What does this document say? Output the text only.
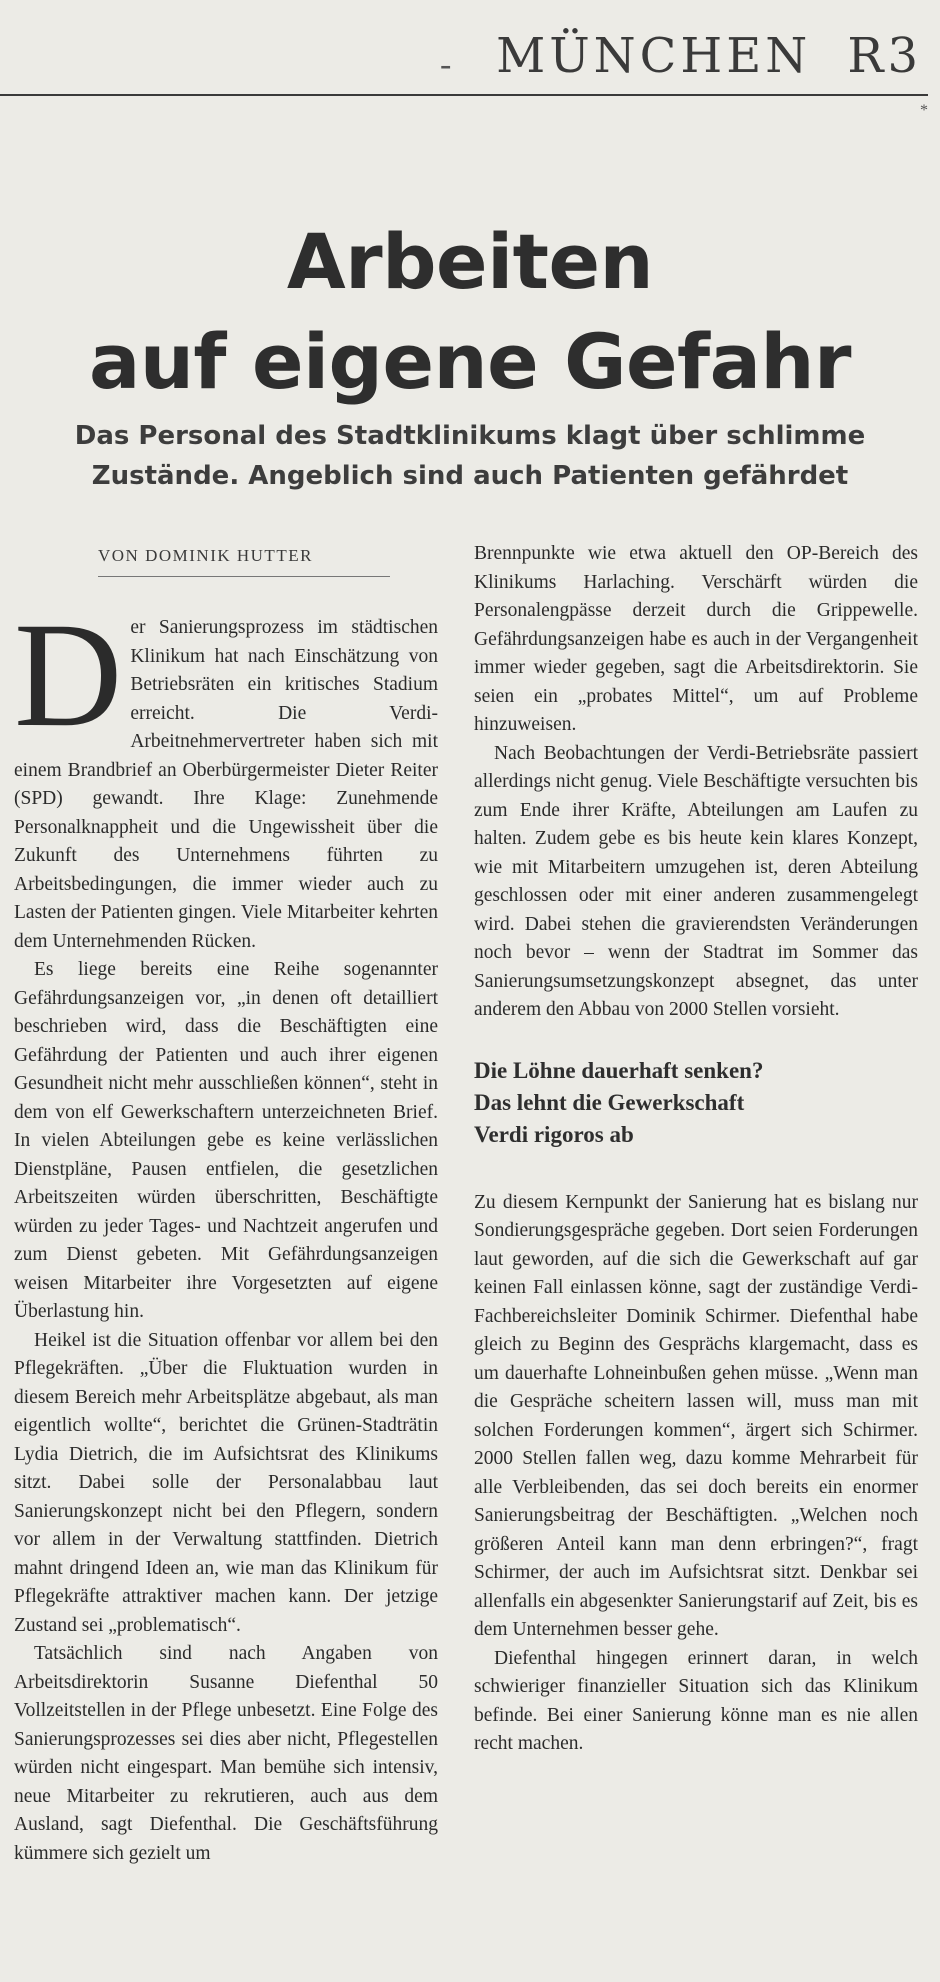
- MÜNCHEN R3
*
Arbeiten
auf eigene Gefahr
Das Personal des Stadtklinikums klagt über schlimme
Zustände. Angeblich sind auch Patienten gefährdet
VON DOMINIK HUTTER

Der Sanierungsprozess im städtischen Klinikum hat nach Einschätzung von Betriebsräten ein kritisches Stadium erreicht. Die Verdi-Arbeitnehmervertreter haben sich mit einem Brandbrief an Oberbürgermeister Dieter Reiter (SPD) gewandt. Ihre Klage: Zunehmende Personalknappheit und die Ungewissheit über die Zukunft des Unternehmens führten zu Arbeitsbedingungen, die immer wieder auch zu Lasten der Patienten gingen. Viele Mitarbeiter kehrten dem Unternehmenden Rücken.

Es liege bereits eine Reihe sogenannter Gefährdungsanzeigen vor, „in denen oft detailliert beschrieben wird, dass die Beschäftigten eine Gefährdung der Patienten und auch ihrer eigenen Gesundheit nicht mehr ausschließen können“, steht in dem von elf Gewerkschaftern unterzeichneten Brief. In vielen Abteilungen gebe es keine verlässlichen Dienstpläne, Pausen entfielen, die gesetzlichen Arbeitszeiten würden überschritten, Beschäftigte würden zu jeder Tages- und Nachtzeit angerufen und zum Dienst gebeten. Mit Gefährdungsanzeigen weisen Mitarbeiter ihre Vorgesetzten auf eigene Überlastung hin.

Heikel ist die Situation offenbar vor allem bei den Pflegekräften. „Über die Fluktuation wurden in diesem Bereich mehr Arbeitsplätze abgebaut, als man eigentlich wollte“, berichtet die Grünen-Stadträtin Lydia Dietrich, die im Aufsichtsrat des Klinikums sitzt. Dabei solle der Personalabbau laut Sanierungskonzept nicht bei den Pflegern, sondern vor allem in der Verwaltung stattfinden. Dietrich mahnt dringend Ideen an, wie man das Klinikum für Pflegekräfte attraktiver machen kann. Der jetzige Zustand sei „problematisch“.

Tatsächlich sind nach Angaben von Arbeitsdirektorin Susanne Diefenthal 50 Vollzeitstellen in der Pflege unbesetzt. Eine Folge des Sanierungsprozesses sei dies aber nicht, Pflegestellen würden nicht eingespart. Man bemühe sich intensiv, neue Mitarbeiter zu rekrutieren, auch aus dem Ausland, sagt Diefenthal. Die Geschäftsführung kümmere sich gezielt um

Brennpunkte wie etwa aktuell den OP-Bereich des Klinikums Harlaching. Verschärft würden die Personalengpässe derzeit durch die Grippewelle. Gefährdungsanzeigen habe es auch in der Vergangenheit immer wieder gegeben, sagt die Arbeitsdirektorin. Sie seien ein „probates Mittel“, um auf Probleme hinzuweisen.

Nach Beobachtungen der Verdi-Betriebsräte passiert allerdings nicht genug. Viele Beschäftigte versuchten bis zum Ende ihrer Kräfte, Abteilungen am Laufen zu halten. Zudem gebe es bis heute kein klares Konzept, wie mit Mitarbeitern umzugehen ist, deren Abteilung geschlossen oder mit einer anderen zusammengelegt wird. Dabei stehen die gravierendsten Veränderungen noch bevor – wenn der Stadtrat im Sommer das Sanierungsumsetzungskonzept absegnet, das unter anderem den Abbau von 2000 Stellen vorsieht.

Die Löhne dauerhaft senken?
Das lehnt die Gewerkschaft
Verdi rigoros ab

Zu diesem Kernpunkt der Sanierung hat es bislang nur Sondierungsgespräche gegeben. Dort seien Forderungen laut geworden, auf die sich die Gewerkschaft auf gar keinen Fall einlassen könne, sagt der zuständige Verdi-Fachbereichsleiter Dominik Schirmer. Diefenthal habe gleich zu Beginn des Gesprächs klargemacht, dass es um dauerhafte Lohneinbußen gehen müsse. „Wenn man die Gespräche scheitern lassen will, muss man mit solchen Forderungen kommen“, ärgert sich Schirmer. 2000 Stellen fallen weg, dazu komme Mehrarbeit für alle Verbleibenden, das sei doch bereits ein enormer Sanierungsbeitrag der Beschäftigten. „Welchen noch größeren Anteil kann man denn erbringen?“, fragt Schirmer, der auch im Aufsichtsrat sitzt. Denkbar sei allenfalls ein abgesenkter Sanierungstarif auf Zeit, bis es dem Unternehmen besser gehe.

Diefenthal hingegen erinnert daran, in welch schwieriger finanzieller Situation sich das Klinikum befinde. Bei einer Sanierung könne man es nie allen recht machen.
